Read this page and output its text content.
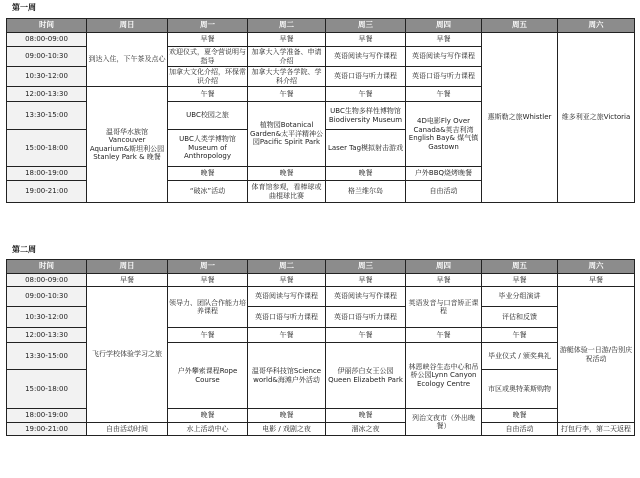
第一周
时间	周日	周一	周二	周三	周四	周五	周六
08:00-09:00	到达入住，下午茶及点心	早餐	早餐	早餐	早餐	惠斯勒之旅Whistler	维多利亚之旅Victoria
09:00-10:30		欢迎仪式，夏令营说明与指导	加拿大入学准备、申请介绍	英语阅读与写作课程	英语阅读与写作课程		
10:30-12:00		加拿大文化介绍，环保常识介绍	加拿大大学各学院、学科介绍	英语口语与听力课程	英语口语与听力课程		
12:00-13:30	温哥华水族馆Vancouver Aquarium&斯坦利公园Stanley Park & 晚餐	午餐	午餐	午餐	午餐		
13:30-15:00		UBC校园之旅	植物园Botanical Garden&太平洋精神公园Pacific Spirit Park	UBC生物多样性博物馆Biodiversity Museum	4D电影Fly Over Canada&英吉利湾English Bay& 煤气镇Gastown		
15:00-18:00		UBC人类学博物馆Museum of Anthropology		Laser Tag模拟射击游戏			
18:00-19:00		晚餐	晚餐	晚餐	户外BBQ烧烤晚餐		
19:00-21:00		“破冰”活动	体育馆参观，看棒球或曲棍球比赛	格兰维尔岛	自由活动		
第二周
时间	周日	周一	周二	周三	周四	周五	周六
08:00-09:00	早餐	早餐	早餐	早餐	早餐	早餐	早餐
09:00-10:30	飞行学校体验学习之旅	领导力、团队合作能力培养课程	英语阅读与写作课程	英语阅读与写作课程	英语发音与口音矫正课程	毕业分组演讲	游艇体验一日游/告别庆祝活动
10:30-12:00			英语口语与听力课程	英语口语与听力课程		评估和反馈	
12:00-13:30		午餐	午餐	午餐	午餐	午餐	
13:30-15:00		户外攀索课程Rope Course	温哥华科技馆Science world&海滩户外活动	伊丽莎白女王公园Queen Elizabeth Park	林恩峡谷生态中心和吊桥公园Lynn Canyon Ecology Centre	毕业仪式 / 颁奖典礼	
15:00-18:00						市区或奥特莱斯购物	
18:00-19:00		晚餐	晚餐	晚餐	列治文夜市（外出晚餐）	晚餐	
19:00-21:00	自由活动时间	水上活动中心	电影 / 戏剧之夜	溜冰之夜		自由活动	打包行李，第二天返程
